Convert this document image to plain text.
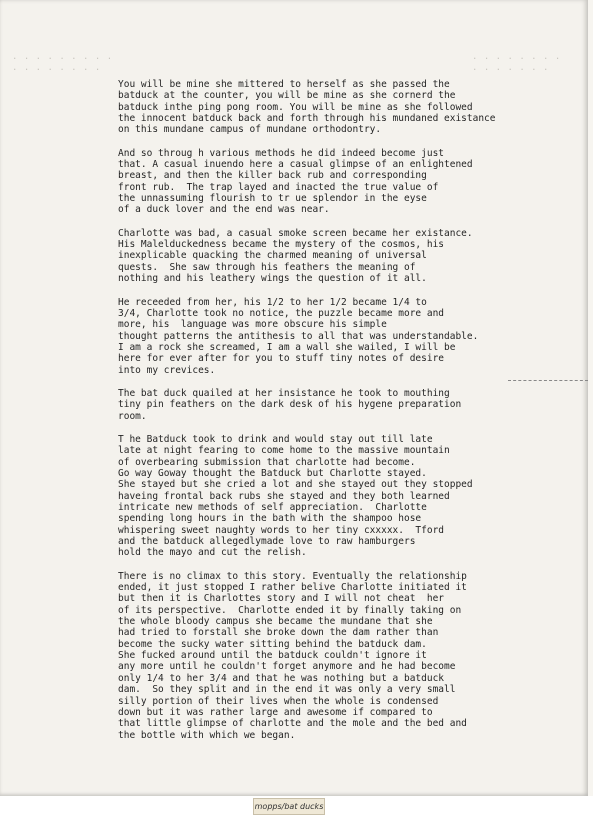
. . . . . . . . .
. . . . . . . .
. . . . . . . .
. . . . . . .
You will be mine she mittered to herself as she passed the
batduck at the counter, you will be mine as she cornerd the
batduck inthe ping pong room. You will be mine as she followed
the innocent batduck back and forth through his mundaned existance
on this mundane campus of mundane orthodontry.
And so throug h various methods he did indeed become just
that. A casual inuendo here a casual glimpse of an enlightened
breast, and then the killer back rub and corresponding
front rub.  The trap layed and inacted the true value of
the unnassuming flourish to tr ue splendor in the eyse
of a duck lover and the end was near.
Charlotte was bad, a casual smoke screen became her existance.
His Malelduckedness became the mystery of the cosmos, his
inexplicable quacking the charmed meaning of universal
quests.  She saw through his feathers the meaning of
nothing and his leathery wings the question of it all.
He receeded from her, his 1/2 to her 1/2 became 1/4 to
3/4, Charlotte took no notice, the puzzle became more and
more, his  language was more obscure his simple
thought patterns the antithesis to all that was understandable.
I am a rock she screamed, I am a wall she wailed, I will be
here for ever after for you to stuff tiny notes of desire
into my crevices.
The bat duck quailed at her insistance he took to mouthing
tiny pin feathers on the dark desk of his hygene preparation
room.
T he Batduck took to drink and would stay out till late
late at night fearing to come home to the massive mountain
of overbearing submission that charlotte had become.
Go way Goway thought the Batduck but Charlotte stayed.
She stayed but she cried a lot and she stayed out they stopped
haveing frontal back rubs she stayed and they both learned
intricate new methods of self appreciation.  Charlotte
spending long hours in the bath with the shampoo hose
whispering sweet naughty words to her tiny cxxxxx.  Tford
and the batduck allegedlymade love to raw hamburgers
hold the mayo and cut the relish.
There is no climax to this story. Eventually the relationship
ended, it just stopped I rather belive Charlotte initiated it
but then it is Charlottes story and I will not cheat  her
of its perspective.  Charlotte ended it by finally taking on
the whole bloody campus she became the mundane that she
had tried to forstall she broke down the dam rather than
become the sucky water sitting behind the batduck dam.
She fucked around until the batduck couldn't ignore it
any more until he couldn't forget anymore and he had become
only 1/4 to her 3/4 and that he was nothing but a batduck
dam.  So they split and in the end it was only a very small
silly portion of their lives when the whole is condensed
down but it was rather large and awesome if compared to
that little glimpse of charlotte and the mole and the bed and
the bottle with which we began.
mopps/bat ducks
